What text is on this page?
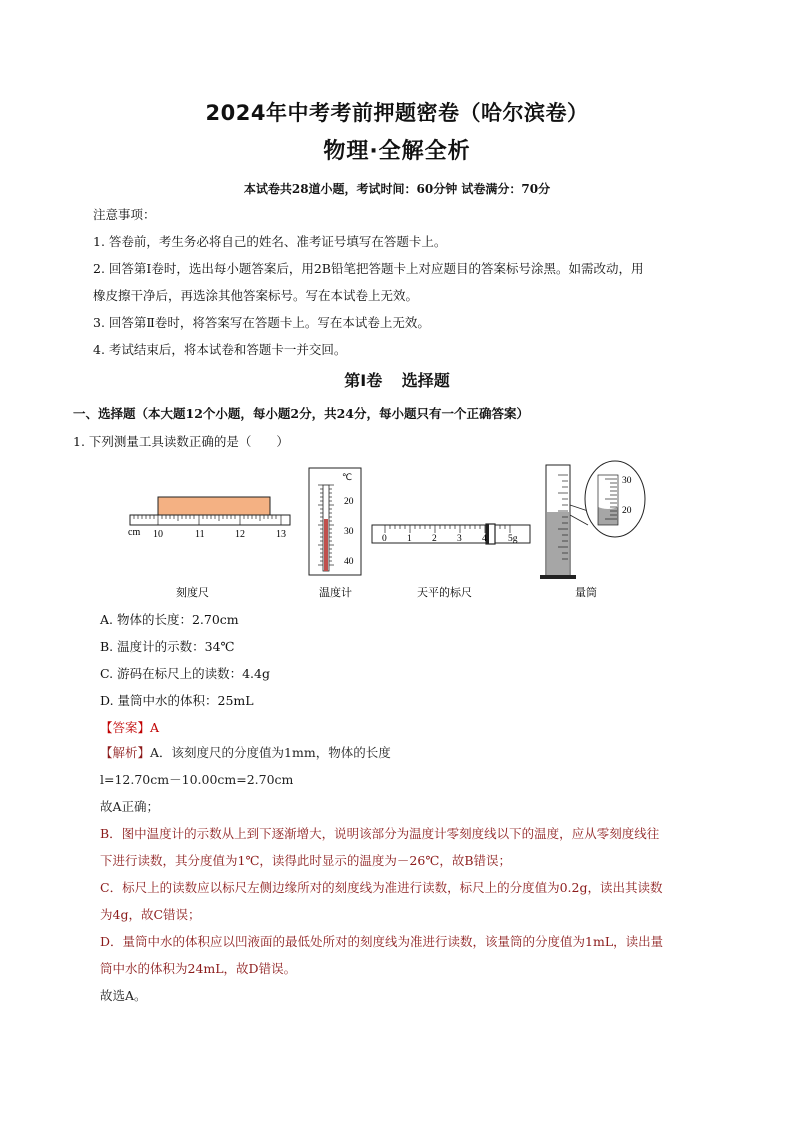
2024年中考考前押题密卷（哈尔滨卷）
物理·全解全析
本试卷共28道小题，考试时间：60分钟 试卷满分：70分
注意事项：
1. 答卷前，考生务必将自己的姓名、准考证号填写在答题卡上。
2. 回答第Ⅰ卷时，选出每小题答案后，用2B铅笔把答题卡上对应题目的答案标号涂黑。如需改动，用
橡皮擦干净后，再选涂其他答案标号。写在本试卷上无效。
3. 回答第Ⅱ卷时，将答案写在答题卡上。写在本试卷上无效。
4. 考试结束后，将本试卷和答题卡一并交回。
第Ⅰ卷 选择题
一、选择题（本大题12个小题，每小题2分，共24分，每小题只有一个正确答案）
1. 下列测量工具读数正确的是（　　）
cm 10	11	12	13
刻度尺
℃
20
30
40
温度计
0 1 2 3 4 5g
天平的标尺
30
20
量筒
A. 物体的长度：2.70cm
B. 温度计的示数：34℃
C. 游码在标尺上的读数：4.4g
D. 量筒中水的体积：25mL
【答案】A
【解析】A．该刻度尺的分度值为1mm，物体的长度
l=12.70cm－10.00cm=2.70cm
故A正确；
B．图中温度计的示数从上到下逐渐增大，说明该部分为温度计零刻度线以下的温度，应从零刻度线往
下进行读数，其分度值为1℃，读得此时显示的温度为－26℃，故B错误；
C．标尺上的读数应以标尺左侧边缘所对的刻度线为准进行读数，标尺上的分度值为0.2g，读出其读数
为4g，故C错误；
D．量筒中水的体积应以凹液面的最低处所对的刻度线为准进行读数，该量筒的分度值为1mL，读出量
筒中水的体积为24mL，故D错误。
故选A。
